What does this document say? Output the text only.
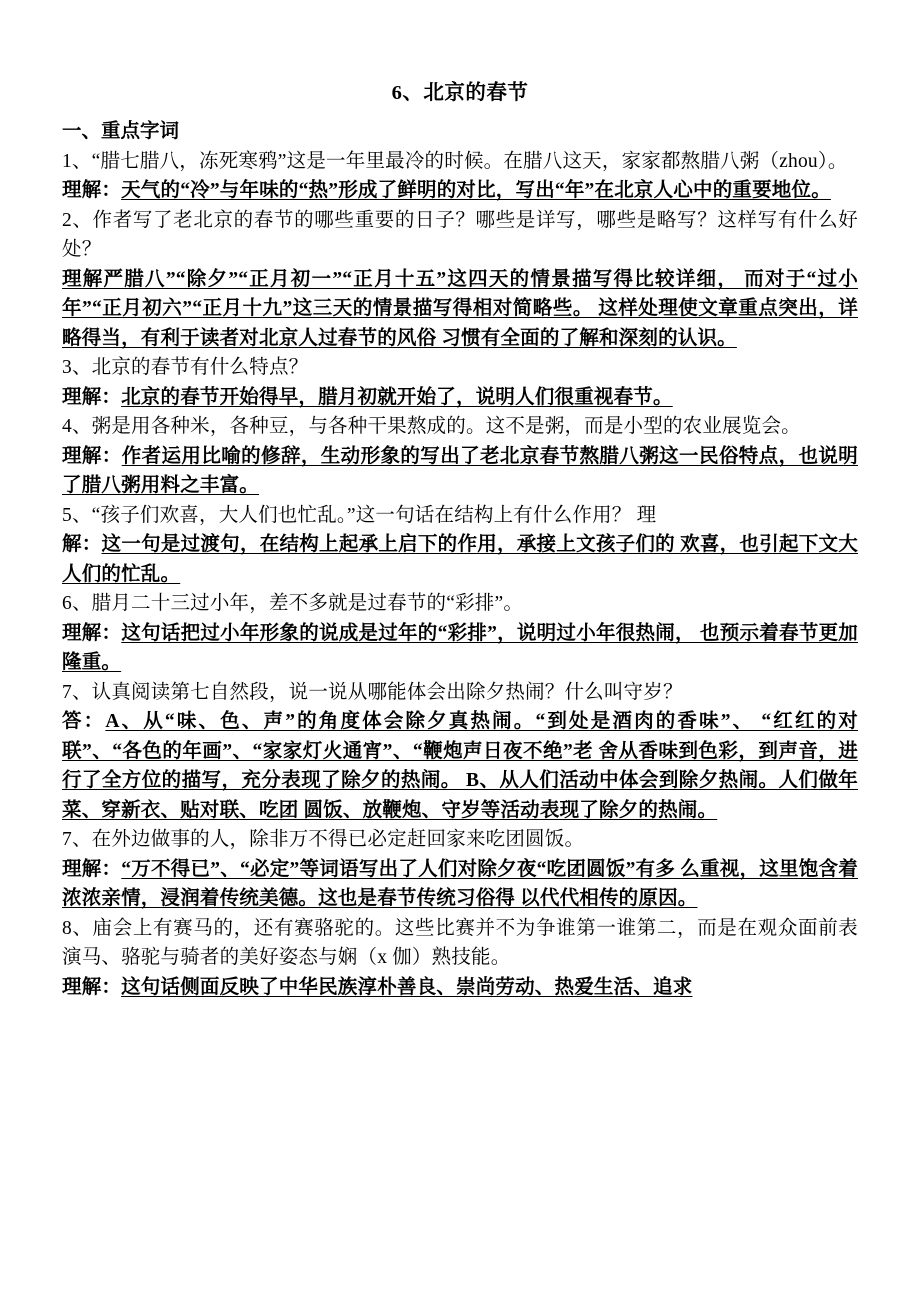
6、北京的春节
一、重点字词

1、“腊七腊八，冻死寒鸦”这是一年里最冷的时候。在腊八这天，家家都熬腊八粥（zhou）。

理解：天气的“冷”与年味的“热”形成了鲜明的对比，写出“年”在北京人心中的重要地位。

2、作者写了老北京的春节的哪些重要的日子？哪些是详写，哪些是略写？这样写有什么好处？

理解严腊八”“除夕”“正月初一”“正月十五”这四天的情景描写得比较详细， 而对于“过小年”“正月初六”“正月十九”这三天的情景描写得相对简略些。 这样处理使文章重点突出，详略得当，有利于读者对北京人过春节的风俗 习惯有全面的了解和深刻的认识。

3、北京的春节有什么特点？

理解：北京的春节开始得早，腊月初就开始了，说明人们很重视春节。

4、粥是用各种米，各种豆，与各种干果熬成的。这不是粥，而是小型的农业展览会。

理解：作者运用比喻的修辞，生动形象的写出了老北京春节熬腊八粥这一民俗特点，也说明了腊八粥用料之丰富。

5、“孩子们欢喜，大人们也忙乱。”这一句话在结构上有什么作用？ 理

解：这一句是过渡句，在结构上起承上启下的作用，承接上文孩子们的 欢喜，也引起下文大人们的忙乱。

6、腊月二十三过小年，差不多就是过春节的“彩排”。

理解：这句话把过小年形象的说成是过年的“彩排”，说明过小年很热闹， 也预示着春节更加隆重。

7、认真阅读第七自然段，说一说从哪能体会出除夕热闹？什么叫守岁？

答：A、从“味、色、声”的角度体会除夕真热闹。“到处是酒肉的香味”、 “红红的对联”、“各色的年画”、“家家灯火通宵”、“鞭炮声日夜不绝”老 舍从香味到色彩，到声音，进行了全方位的描写，充分表现了除夕的热闹。 B、从人们活动中体会到除夕热闹。人们做年菜、穿新衣、贴对联、吃团 圆饭、放鞭炮、守岁等活动表现了除夕的热闹。

7、在外边做事的人，除非万不得已必定赶回家来吃团圆饭。

理解：“万不得已”、“必定”等词语写出了人们对除夕夜“吃团圆饭”有多 么重视，这里饱含着浓浓亲情，浸润着传统美德。这也是春节传统习俗得 以代代相传的原因。

8、庙会上有赛马的，还有赛骆驼的。这些比赛并不为争谁第一谁第二，而是在观众面前表演马、骆驼与骑者的美好姿态与娴（x 伽）熟技能。

理解：这句话侧面反映了中华民族淳朴善良、崇尚劳动、热爱生活、追求
